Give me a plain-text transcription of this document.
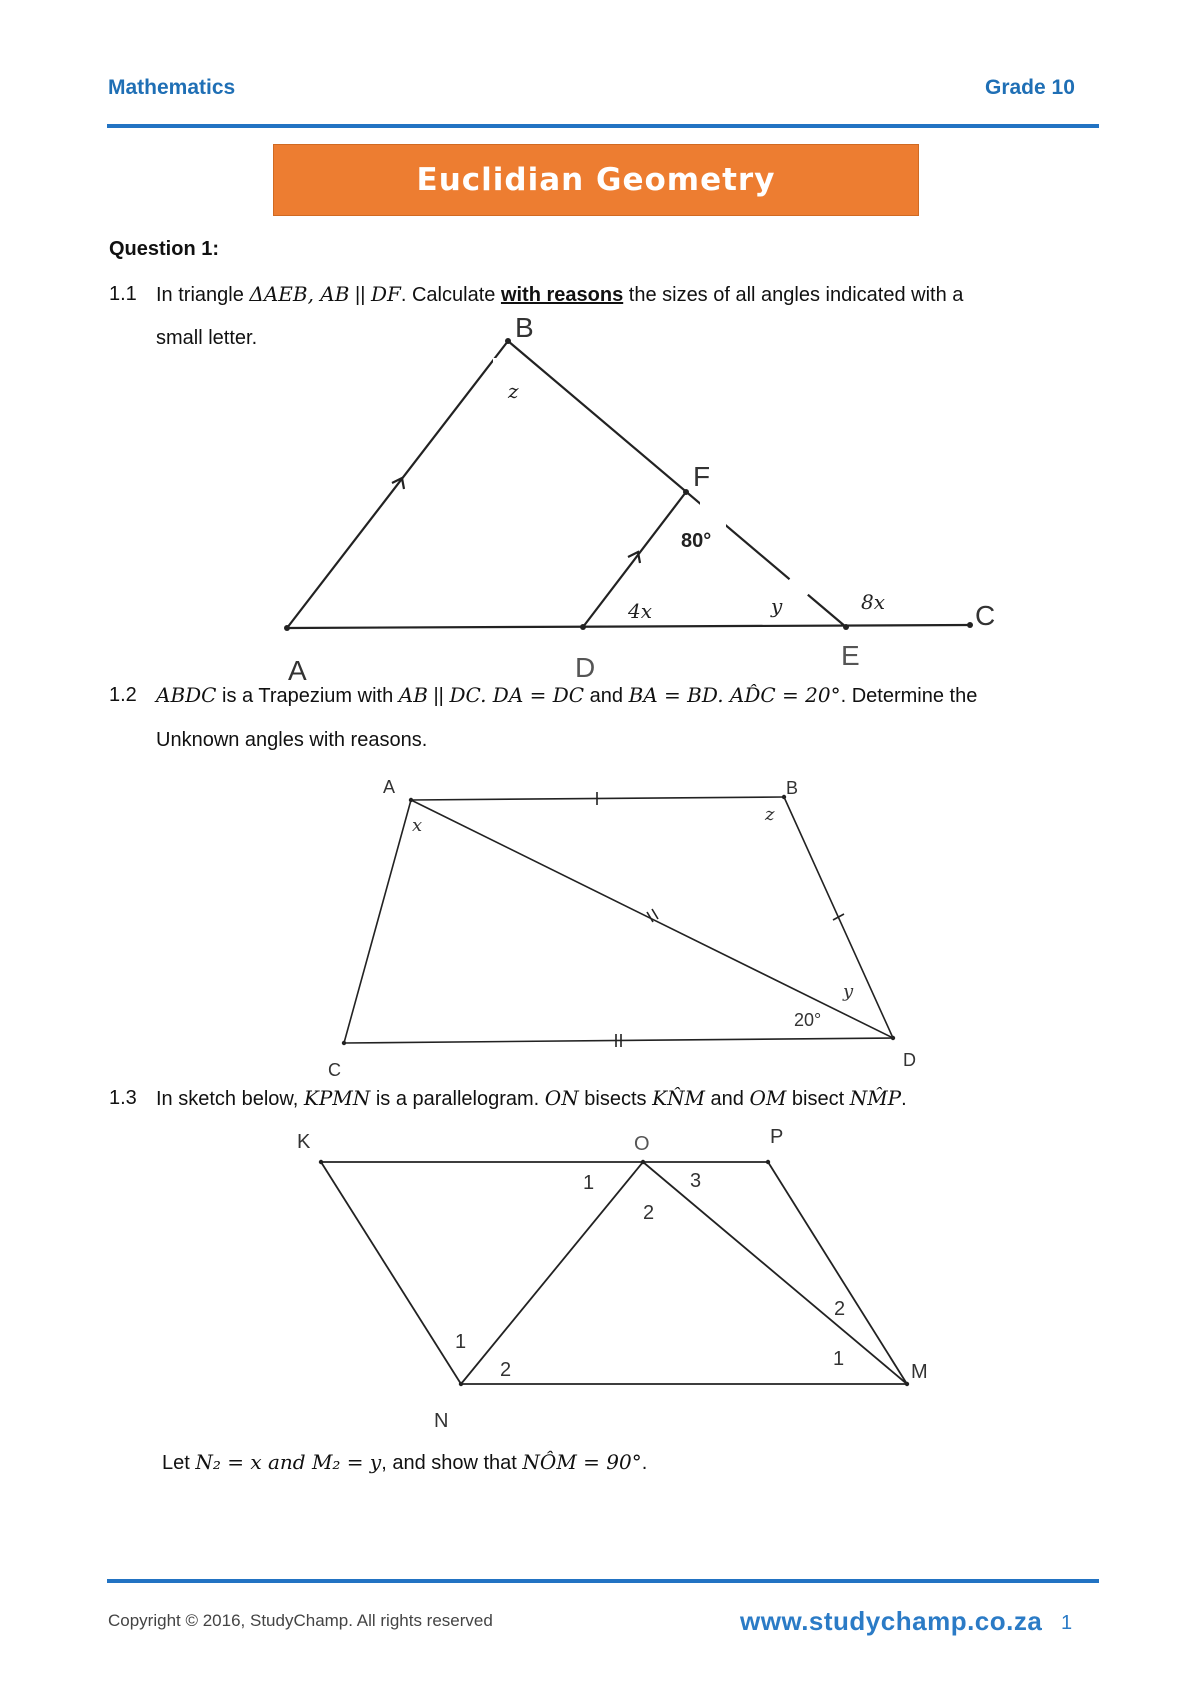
Mathematics	Grade 10
Euclidian Geometry
Question 1:
1.1 In triangle ΔAEB, AB || DF. Calculate with reasons the sizes of all angles indicated with a
small letter.
A
B
C
D	E
F
z
80°
4x	y	8x
1.2 ABDC is a Trapezium with AB || DC. DA = DC and BA = BD. AD̂C = 20°. Determine the
Unknown angles with reasons.
A	B
C	D
x
z
y
20°
1.3 In sketch below, KPMN is a parallelogram. ON bisects KN̂M and OM bisect NM̂P.
K	O	P
N
M
1
2
3
1
2	1
2
Let N₂ = x and M₂ = y, and show that NÔM = 90°.
Copyright © 2016, StudyChamp. All rights reserved	www.studychamp.co.za 1
